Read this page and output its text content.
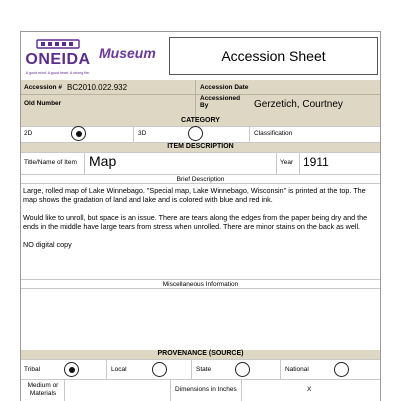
ONEIDA
A good mind. A good heart. A strong fire.
Museum	Accession Sheet
Accession # BC2010.022.932	Accession Date
Old Number
Accessioned By	Gerzetich, Courtney
CATEGORY
2D	3D	Classification
ITEM DESCRIPTION
Title/Name of Item Map	Year 1911
Brief Description

Large, rolled map of Lake Winnebago. "Special map, Lake Winnebago, Wisconsin" is printed at the top. The map shows the gradation of land and lake and is colored with blue and red ink.

Would like to unroll, but space is an issue. There are tears along the edges from the paper being dry and the ends in the middle have large tears from stress when unrolled. There are minor stains on the back as well.

NO digital copy

Miscellaneous Information
PROVENANCE (SOURCE)
Tribal	Local	State	National
Medium or Materials	Dimensions in Inches	X
